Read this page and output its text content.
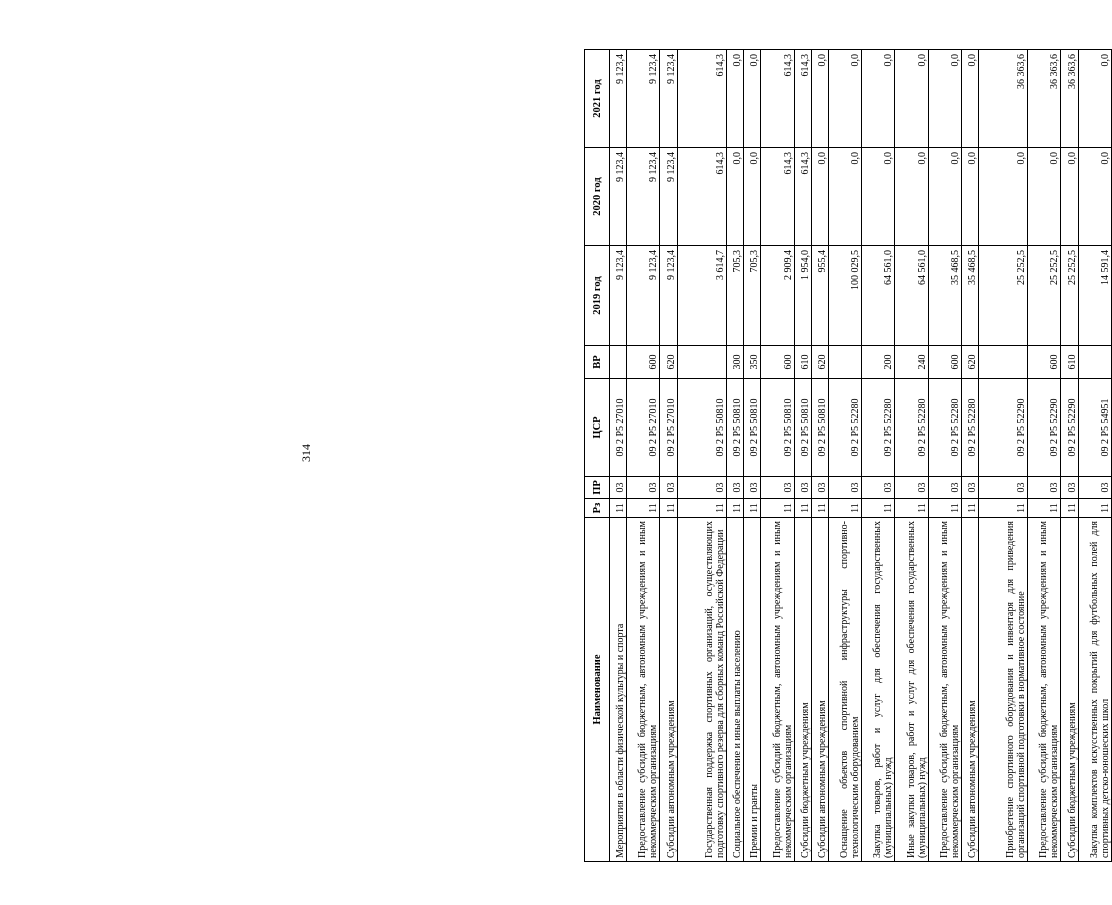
314
Наименование	Рз	ПР	ЦСР	ВР	2019 год	2020 год	2021 год
Мероприятия в области физической культуры и спорта	11	03	09 2 P5 27010		9 123,4	9 123,4	9 123,4
Предоставление субсидий бюджетным, автономным учреждениям и иным некоммерческим организациям	11	03	09 2 P5 27010	600	9 123,4	9 123,4	9 123,4
Субсидии автономным учреждениям	11	03	09 2 P5 27010	620	9 123,4	9 123,4	9 123,4
Государственная поддержка спортивных организаций, осуществляющих подготовку спортивного резерва для сборных команд Российской Федерации	11	03	09 2 P5 50810		3 614,7	614,3	614,3
Социальное обеспечение и иные выплаты населению	11	03	09 2 P5 50810	300	705,3	0,0	0,0
Премии и гранты	11	03	09 2 P5 50810	350	705,3	0,0	0,0
Предоставление субсидий бюджетным, автономным учреждениям и иным некоммерческим организациям	11	03	09 2 P5 50810	600	2 909,4	614,3	614,3
Субсидии бюджетным учреждениям	11	03	09 2 P5 50810	610	1 954,0	614,3	614,3
Субсидии автономным учреждениям	11	03	09 2 P5 50810	620	955,4	0,0	0,0
Оснащение объектов спортивной инфраструктуры спортивно-технологическим оборудованием	11	03	09 2 P5 52280		100 029,5	0,0	0,0
Закупка товаров, работ и услуг для обеспечения государственных (муниципальных) нужд	11	03	09 2 P5 52280	200	64 561,0	0,0	0,0
Иные закупки товаров, работ и услуг для обеспечения государственных (муниципальных) нужд	11	03	09 2 P5 52280	240	64 561,0	0,0	0,0
Предоставление субсидий бюджетным, автономным учреждениям и иным некоммерческим организациям	11	03	09 2 P5 52280	600	35 468,5	0,0	0,0
Субсидии автономным учреждениям	11	03	09 2 P5 52280	620	35 468,5	0,0	0,0
Приобретение спортивного оборудования и инвентаря для приведения организаций спортивной подготовки в нормативное состояние	11	03	09 2 P5 52290		25 252,5	0,0	36 363,6
Предоставление субсидий бюджетным, автономным учреждениям и иным некоммерческим организациям	11	03	09 2 P5 52290	600	25 252,5	0,0	36 363,6
Субсидии бюджетным учреждениям	11	03	09 2 P5 52290	610	25 252,5	0,0	36 363,6
Закупка комплектов искусственных покрытий для футбольных полей для спортивных детско-юношеских школ	11	03	09 2 P5 54951		14 591,4	0,0	0,0
